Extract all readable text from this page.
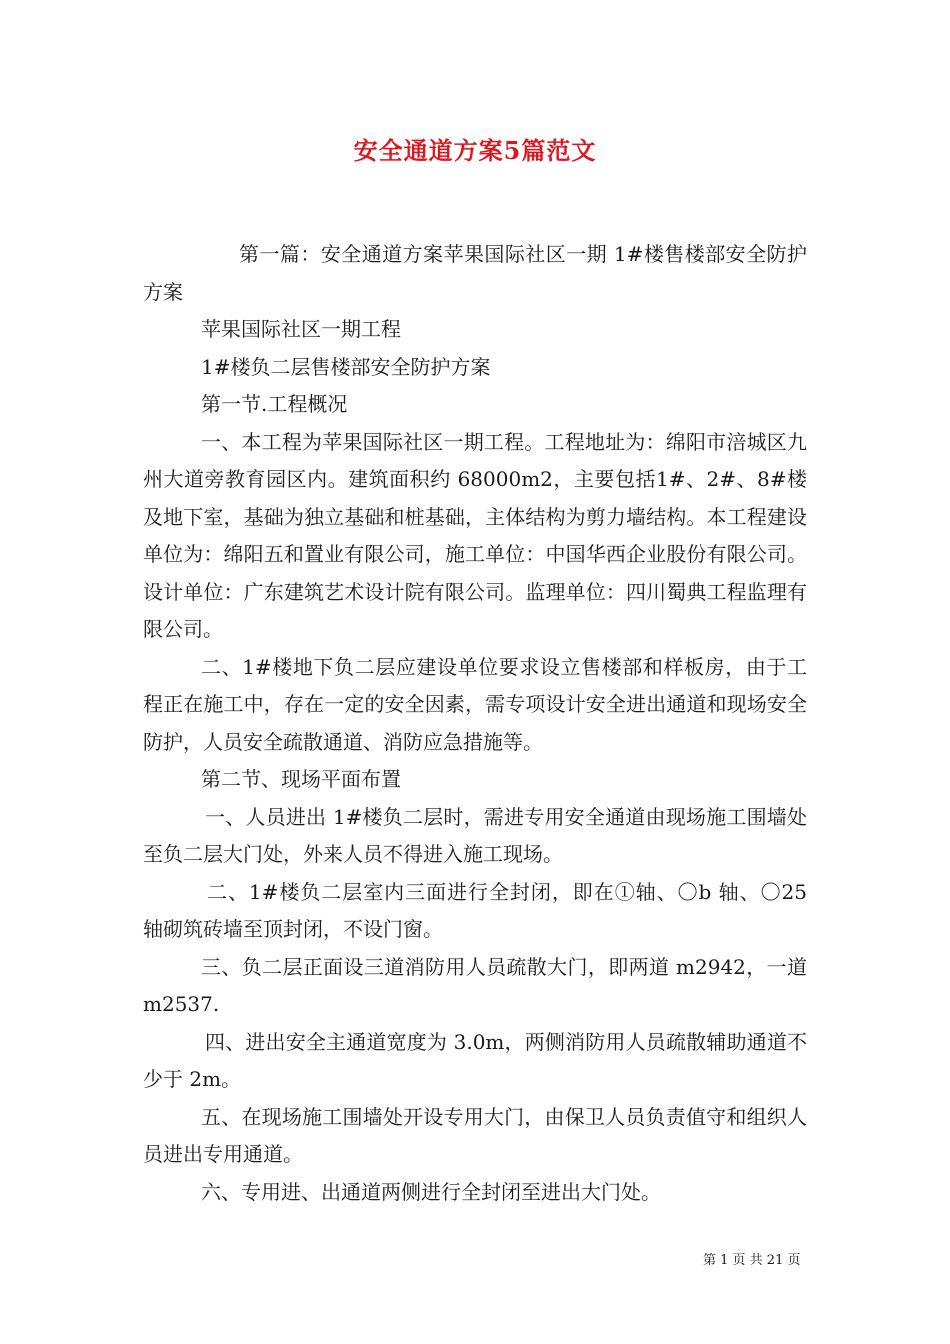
安全通道方案5篇范文

第一篇：安全通道方案苹果国际社区一期 1#楼售楼部安全防护方案

苹果国际社区一期工程

1#楼负二层售楼部安全防护方案

第一节.工程概况

一、本工程为苹果国际社区一期工程。工程地址为：绵阳市涪城区九州大道旁教育园区内。建筑面积约 68000m2，主要包括1#、2#、8#楼及地下室，基础为独立基础和桩基础，主体结构为剪力墙结构。本工程建设单位为：绵阳五和置业有限公司，施工单位：中国华西企业股份有限公司。设计单位：广东建筑艺术设计院有限公司。监理单位：四川蜀典工程监理有限公司。

二、1#楼地下负二层应建设单位要求设立售楼部和样板房，由于工程正在施工中，存在一定的安全因素，需专项设计安全进出通道和现场安全防护，人员安全疏散通道、消防应急措施等。

第二节、现场平面布置

一、人员进出 1#楼负二层时，需进专用安全通道由现场施工围墙处至负二层大门处，外来人员不得进入施工现场。

二、1#楼负二层室内三面进行全封闭，即在①轴、〇b 轴、〇25 轴砌筑砖墙至顶封闭，不设门窗。

三、负二层正面设三道消防用人员疏散大门，即两道 m2942，一道 m2537.

四、进出安全主通道宽度为 3.0m，两侧消防用人员疏散辅助通道不少于 2m。

五、在现场施工围墙处开设专用大门，由保卫人员负责值守和组织人员进出专用通道。

六、专用进、出通道两侧进行全封闭至进出大门处。

第 1 页 共 21 页
